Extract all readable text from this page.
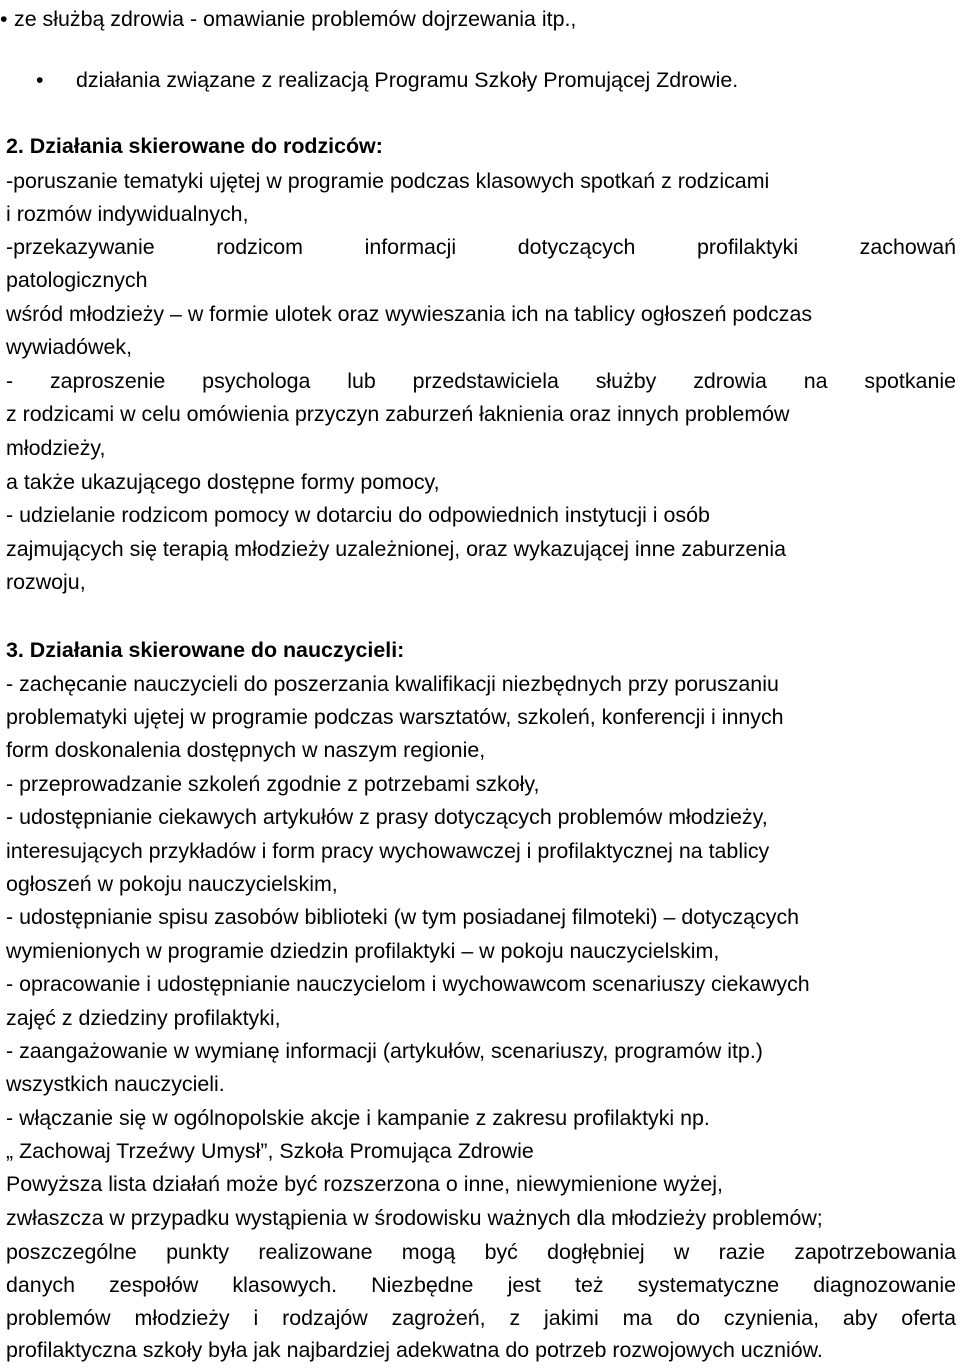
• ze służbą zdrowia - omawianie problemów dojrzewania itp.,
• działania związane z realizacją Programu Szkoły Promującej Zdrowie.
2. Działania skierowane do rodziców:
-poruszanie tematyki ujętej w programie podczas klasowych spotkań z rodzicami
i rozmów indywidualnych,
-przekazywanie rodzicom informacji dotyczących profilaktyki zachowań
patologicznych
wśród młodzieży – w formie ulotek oraz wywieszania ich na tablicy ogłoszeń podczas
wywiadówek,
- zaproszenie psychologa lub przedstawiciela służby zdrowia na spotkanie
z rodzicami w celu omówienia przyczyn zaburzeń łaknienia oraz innych problemów
młodzieży,
a także ukazującego dostępne formy pomocy,
- udzielanie rodzicom pomocy w dotarciu do odpowiednich instytucji i osób
zajmujących się terapią młodzieży uzależnionej, oraz wykazującej inne zaburzenia
rozwoju,
3. Działania skierowane do nauczycieli:
- zachęcanie nauczycieli do poszerzania kwalifikacji niezbędnych przy poruszaniu
problematyki ujętej w programie podczas warsztatów, szkoleń, konferencji i innych
form doskonalenia dostępnych w naszym regionie,
- przeprowadzanie szkoleń zgodnie z potrzebami szkoły,
- udostępnianie ciekawych artykułów z prasy dotyczących problemów młodzieży,
interesujących przykładów i form pracy wychowawczej i profilaktycznej na tablicy
ogłoszeń w pokoju nauczycielskim,
- udostępnianie spisu zasobów biblioteki (w tym posiadanej filmoteki) – dotyczących
wymienionych w programie dziedzin profilaktyki – w pokoju nauczycielskim,
- opracowanie i udostępnianie nauczycielom i wychowawcom scenariuszy ciekawych
zajęć z dziedziny profilaktyki,
- zaangażowanie w wymianę informacji (artykułów, scenariuszy, programów itp.)
wszystkich nauczycieli.
- włączanie się w ogólnopolskie akcje i kampanie z zakresu profilaktyki np.
„ Zachowaj Trzeźwy Umysł”, Szkoła Promująca Zdrowie
Powyższa lista działań może być rozszerzona o inne, niewymienione wyżej,
zwłaszcza w przypadku wystąpienia w środowisku ważnych dla młodzieży problemów;
poszczególne punkty realizowane mogą być dogłębniej w razie zapotrzebowania
danych zespołów klasowych. Niezbędne jest też systematyczne diagnozowanie
problemów młodzieży i rodzajów zagrożeń, z jakimi ma do czynienia, aby oferta
profilaktyczna szkoły była jak najbardziej adekwatna do potrzeb rozwojowych uczniów.
